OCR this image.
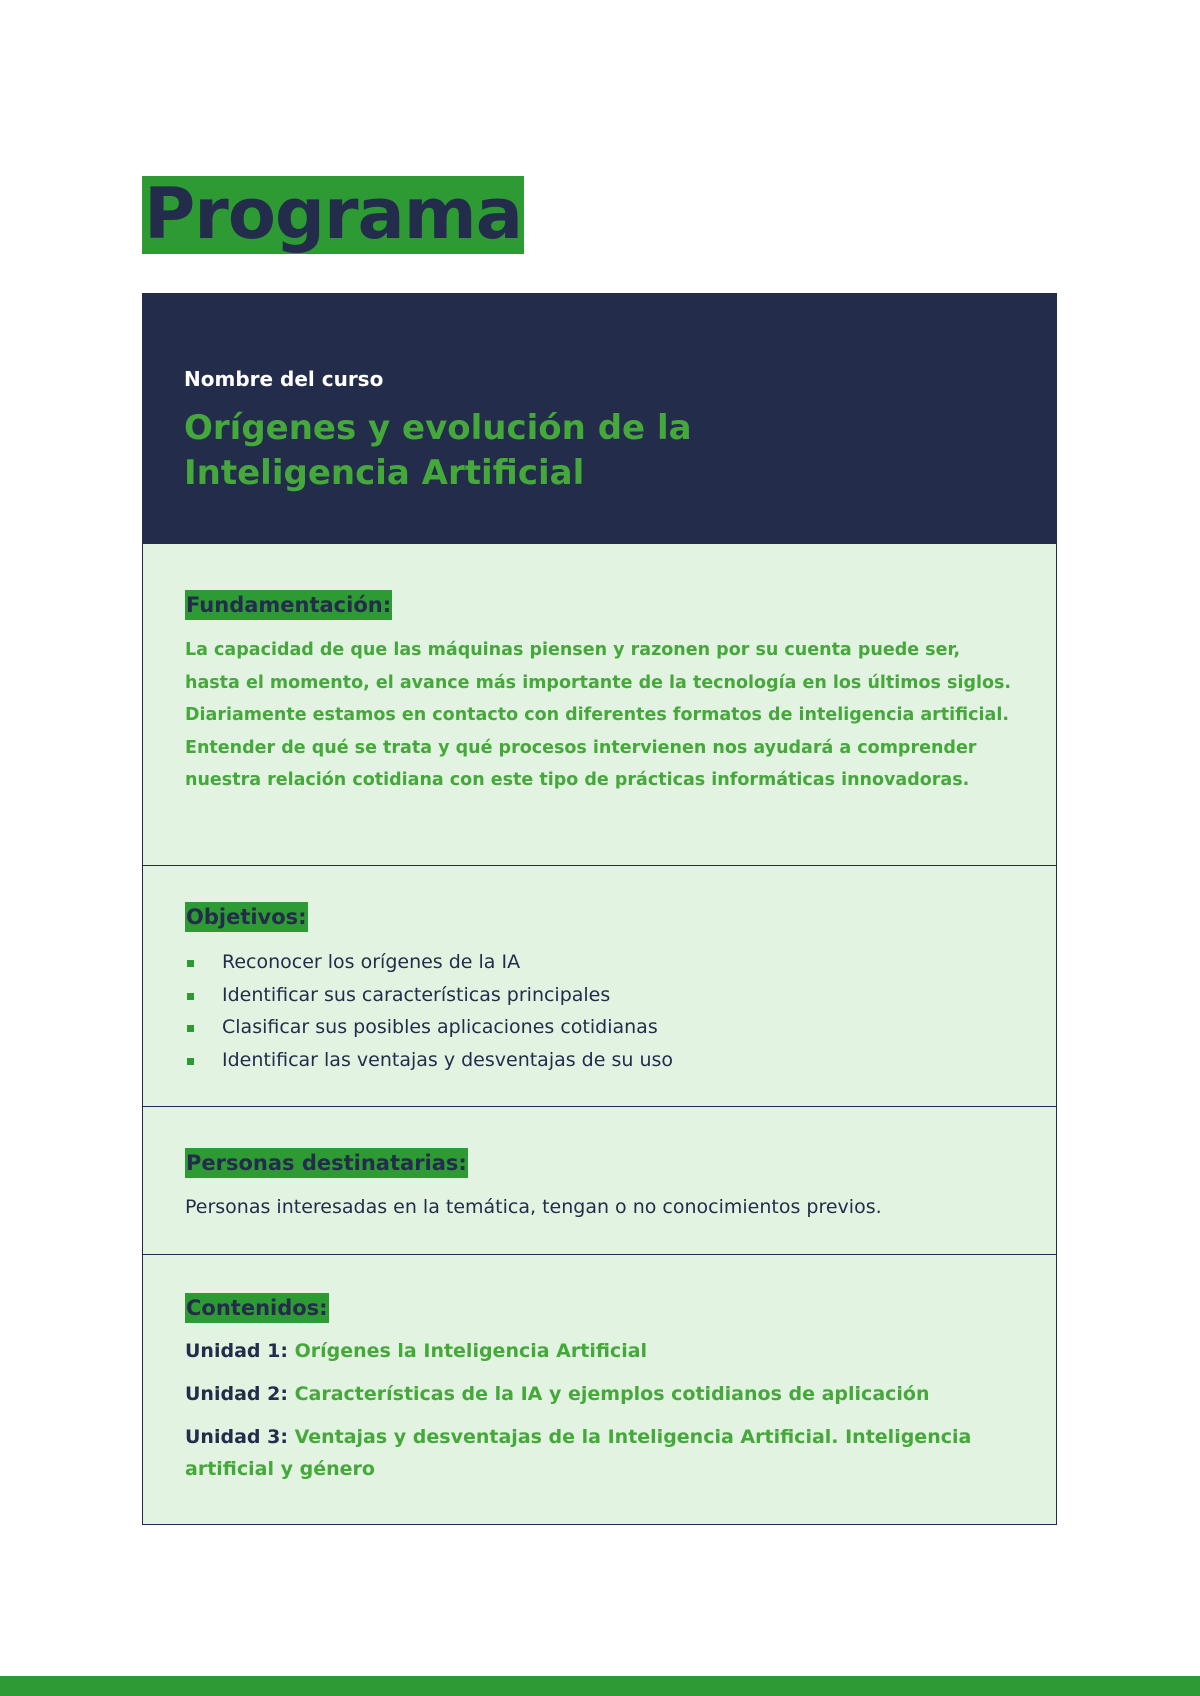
Programa
Nombre del curso
Orígenes y evolución de la Inteligencia Artificial
Fundamentación:
La capacidad de que las máquinas piensen y razonen por su cuenta puede ser, hasta el momento, el avance más importante de la tecnología en los últimos siglos. Diariamente estamos en contacto con diferentes formatos de inteligencia artificial. Entender de qué se trata y qué procesos intervienen nos ayudará a comprender nuestra relación cotidiana con este tipo de prácticas informáticas innovadoras.
Objetivos:
Reconocer los orígenes de la IA
Identificar sus características principales
Clasificar sus posibles aplicaciones cotidianas
Identificar las ventajas y desventajas de su uso
Personas destinatarias:
Personas interesadas en la temática, tengan o no conocimientos previos.
Contenidos:
Unidad 1: Orígenes la Inteligencia Artificial
Unidad 2: Características de la IA y ejemplos cotidianos de aplicación
Unidad 3: Ventajas y desventajas de la Inteligencia Artificial. Inteligencia artificial y género
